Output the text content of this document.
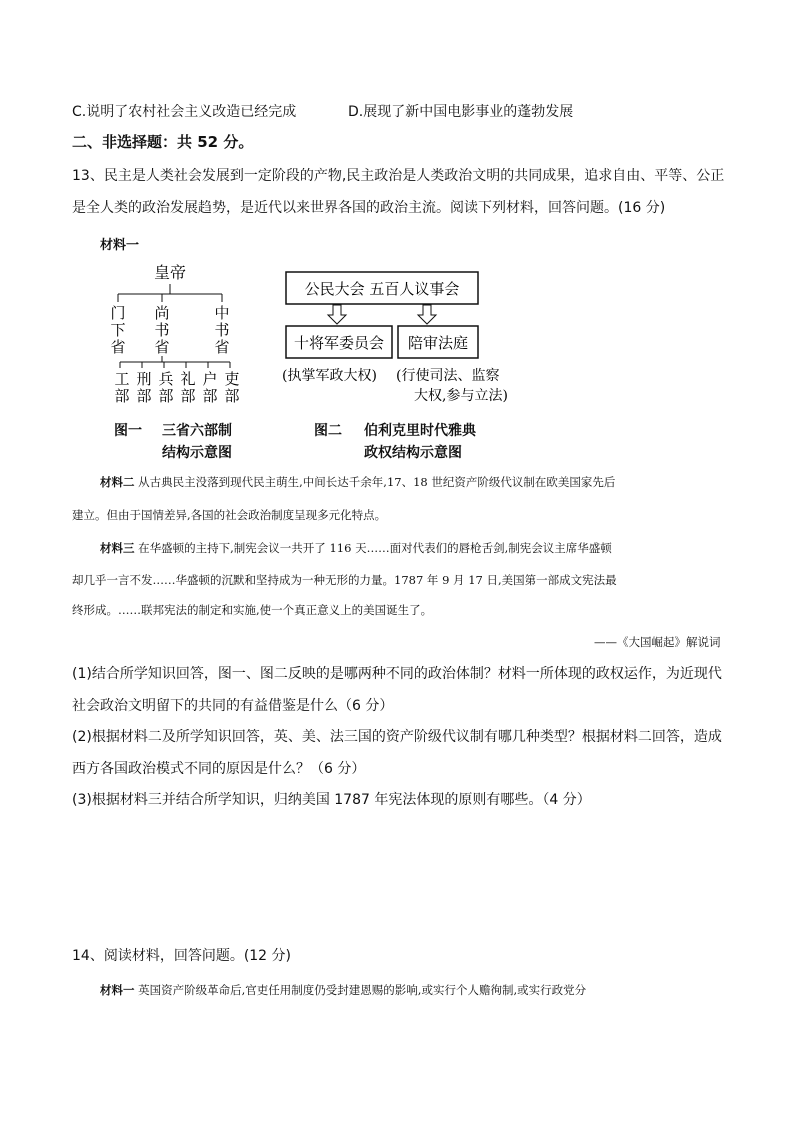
C.说明了农村社会主义改造已经完成	D.展现了新中国电影事业的蓬勃发展
二、非选择题：共 52 分。
13、民主是人类社会发展到一定阶段的产物,民主政治是人类政治文明的共同成果，追求自由、平等、公正
是全人类的政治发展趋势，是近代以来世界各国的政治主流。阅读下列材料，回答问题。(16 分)
材料一
皇帝
门
下
省
尚
书
省
中
书
省
工
部
刑
部
兵
部
礼
部
户
部
吏
部
公民大会 五百人议事会
十将军委员会 陪审法庭
(执掌军政大权) (行使司法、监察
大权,参与立法)
图一 三省六部制
结构示意图
图二 伯利克里时代雅典
政权结构示意图
材料二 从古典民主没落到现代民主萌生,中间长达千余年,17、18 世纪资产阶级代议制在欧美国家先后
建立。但由于国情差异,各国的社会政治制度呈现多元化特点。
材料三 在华盛顿的主持下,制宪会议一共开了 116 天……面对代表们的唇枪舌剑,制宪会议主席华盛顿
却几乎一言不发……华盛顿的沉默和坚持成为一种无形的力量。1787 年 9 月 17 日,美国第一部成文宪法最
终形成。……联邦宪法的制定和实施,使一个真正意义上的美国诞生了。
——《大国崛起》解说词
(1)结合所学知识回答，图一、图二反映的是哪两种不同的政治体制？材料一所体现的政权运作，为近现代
社会政治文明留下的共同的有益借鉴是什么（6 分）
(2)根据材料二及所学知识回答，英、美、法三国的资产阶级代议制有哪几种类型？根据材料二回答，造成
西方各国政治模式不同的原因是什么？（6 分）
(3)根据材料三并结合所学知识，归纳美国 1787 年宪法体现的原则有哪些。（4 分）
14、阅读材料，回答问题。(12 分)
材料一 英国资产阶级革命后,官吏任用制度仍受封建恩赐的影响,或实行个人赡徇制,或实行政党分
